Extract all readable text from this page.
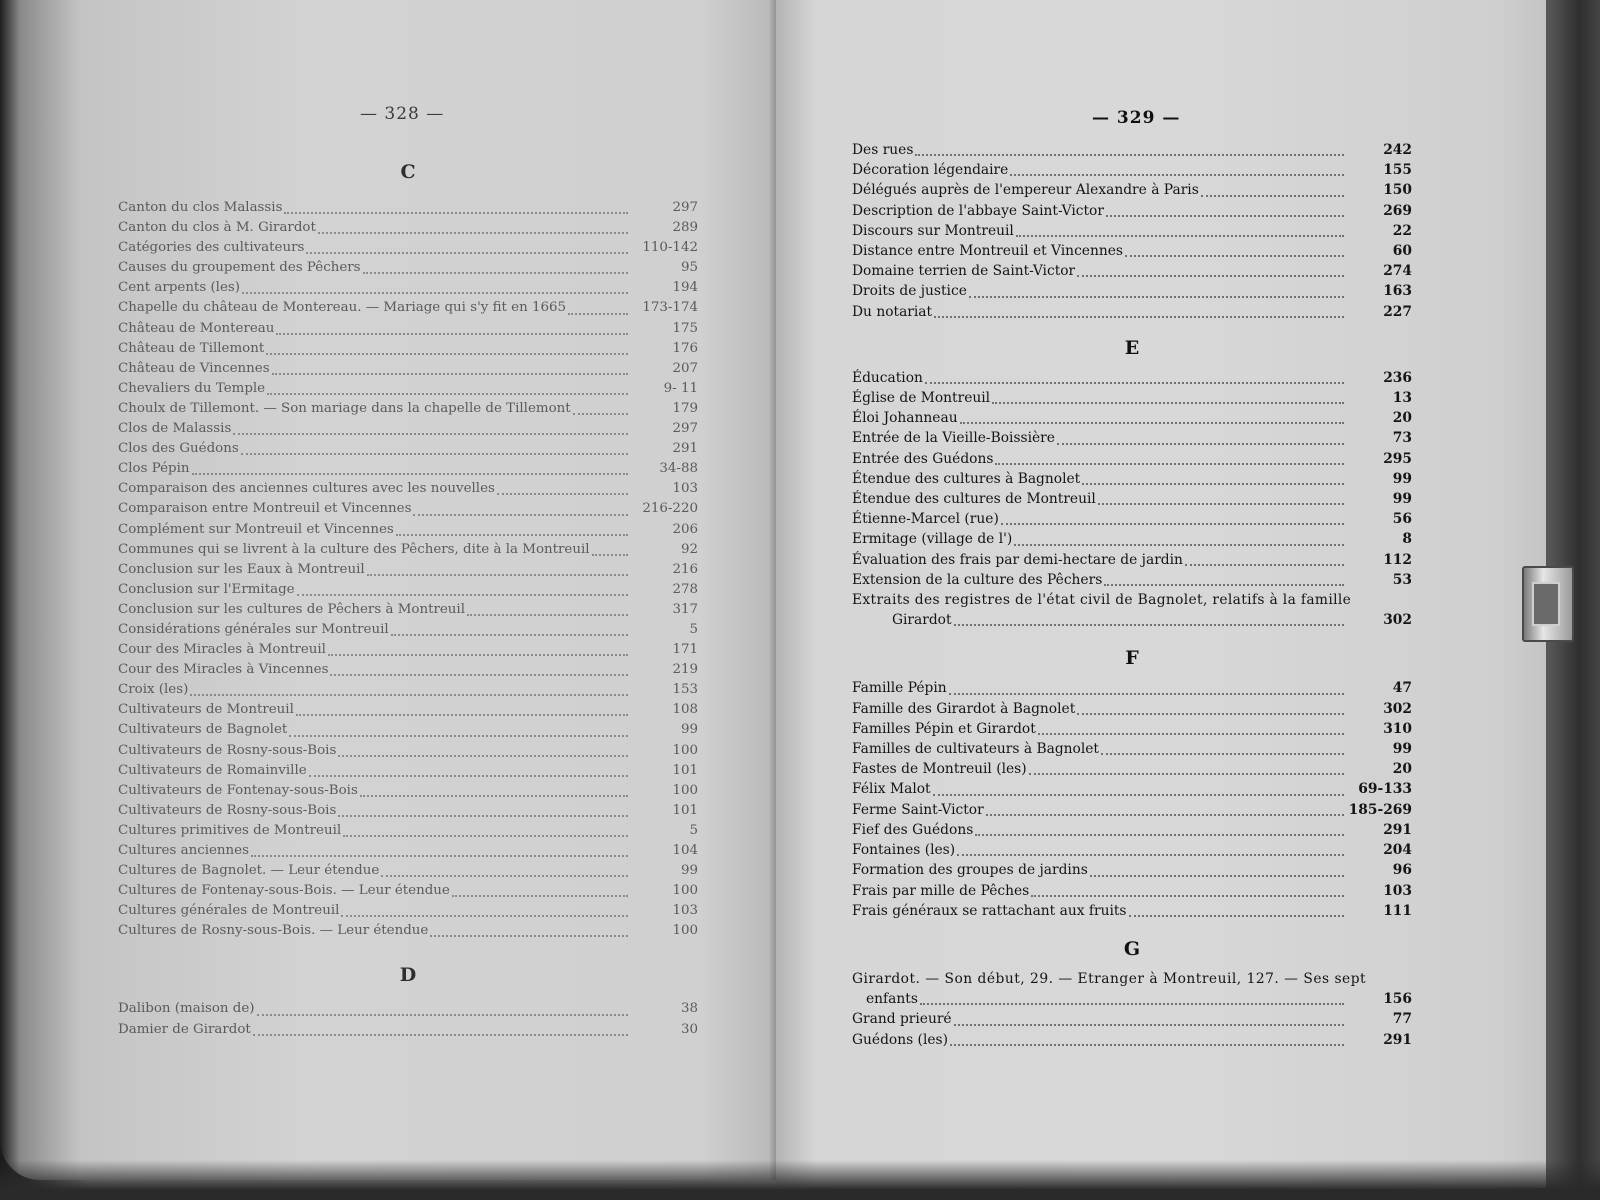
— 328 —
C
Canton du clos Malassis	297
Canton du clos à M. Girardot	289
Catégories des cultivateurs	110-142
Causes du groupement des Pêchers	95
Cent arpents (les)	194
Chapelle du château de Montereau. — Mariage qui s'y fit en 1665	173-174
Château de Montereau	175
Château de Tillemont	176
Château de Vincennes	207
Chevaliers du Temple	9- 11
Choulx de Tillemont. — Son mariage dans la chapelle de Tillemont	179
Clos de Malassis	297
Clos des Guédons	291
Clos Pépin	34-88
Comparaison des anciennes cultures avec les nouvelles	103
Comparaison entre Montreuil et Vincennes	216-220
Complément sur Montreuil et Vincennes	206
Communes qui se livrent à la culture des Pêchers, dite à la Montreuil	92
Conclusion sur les Eaux à Montreuil	216
Conclusion sur l'Ermitage	278
Conclusion sur les cultures de Pêchers à Montreuil	317
Considérations générales sur Montreuil	5
Cour des Miracles à Montreuil	171
Cour des Miracles à Vincennes	219
Croix (les)	153
Cultivateurs de Montreuil	108
Cultivateurs de Bagnolet	99
Cultivateurs de Rosny-sous-Bois	100
Cultivateurs de Romainville	101
Cultivateurs de Fontenay-sous-Bois	100
Cultivateurs de Rosny-sous-Bois	101
Cultures primitives de Montreuil	5
Cultures anciennes	104
Cultures de Bagnolet. — Leur étendue	99
Cultures de Fontenay-sous-Bois. — Leur étendue	100
Cultures générales de Montreuil	103
Cultures de Rosny-sous-Bois. — Leur étendue	100
D
Dalibon (maison de)	38
Damier de Girardot	30
— 329 —
Des rues	242
Décoration légendaire	155
Délégués auprès de l'empereur Alexandre à Paris	150
Description de l'abbaye Saint-Victor	269
Discours sur Montreuil	22
Distance entre Montreuil et Vincennes	60
Domaine terrien de Saint-Victor	274
Droits de justice	163
Du notariat	227
E
Éducation	236
Église de Montreuil	13
Éloi Johanneau	20
Entrée de la Vieille-Boissière	73
Entrée des Guédons	295
Étendue des cultures à Bagnolet	99
Étendue des cultures de Montreuil	99
Étienne-Marcel (rue)	56
Ermitage (village de l')	8
Évaluation des frais par demi-hectare de jardin	112
Extension de la culture des Pêchers	53
Extraits des registres de l'état civil de Bagnolet, relatifs à la famille
Girardot	302
F
Famille Pépin	47
Famille des Girardot à Bagnolet	302
Familles Pépin et Girardot	310
Familles de cultivateurs à Bagnolet	99
Fastes de Montreuil (les)	20
Félix Malot	69-133
Ferme Saint-Victor	185-269
Fief des Guédons	291
Fontaines (les)	204
Formation des groupes de jardins	96
Frais par mille de Pêches	103
Frais généraux se rattachant aux fruits	111
G
Girardot. — Son début, 29. — Etranger à Montreuil, 127. — Ses sept
enfants	156
Grand prieuré	77
Guédons (les)	291
